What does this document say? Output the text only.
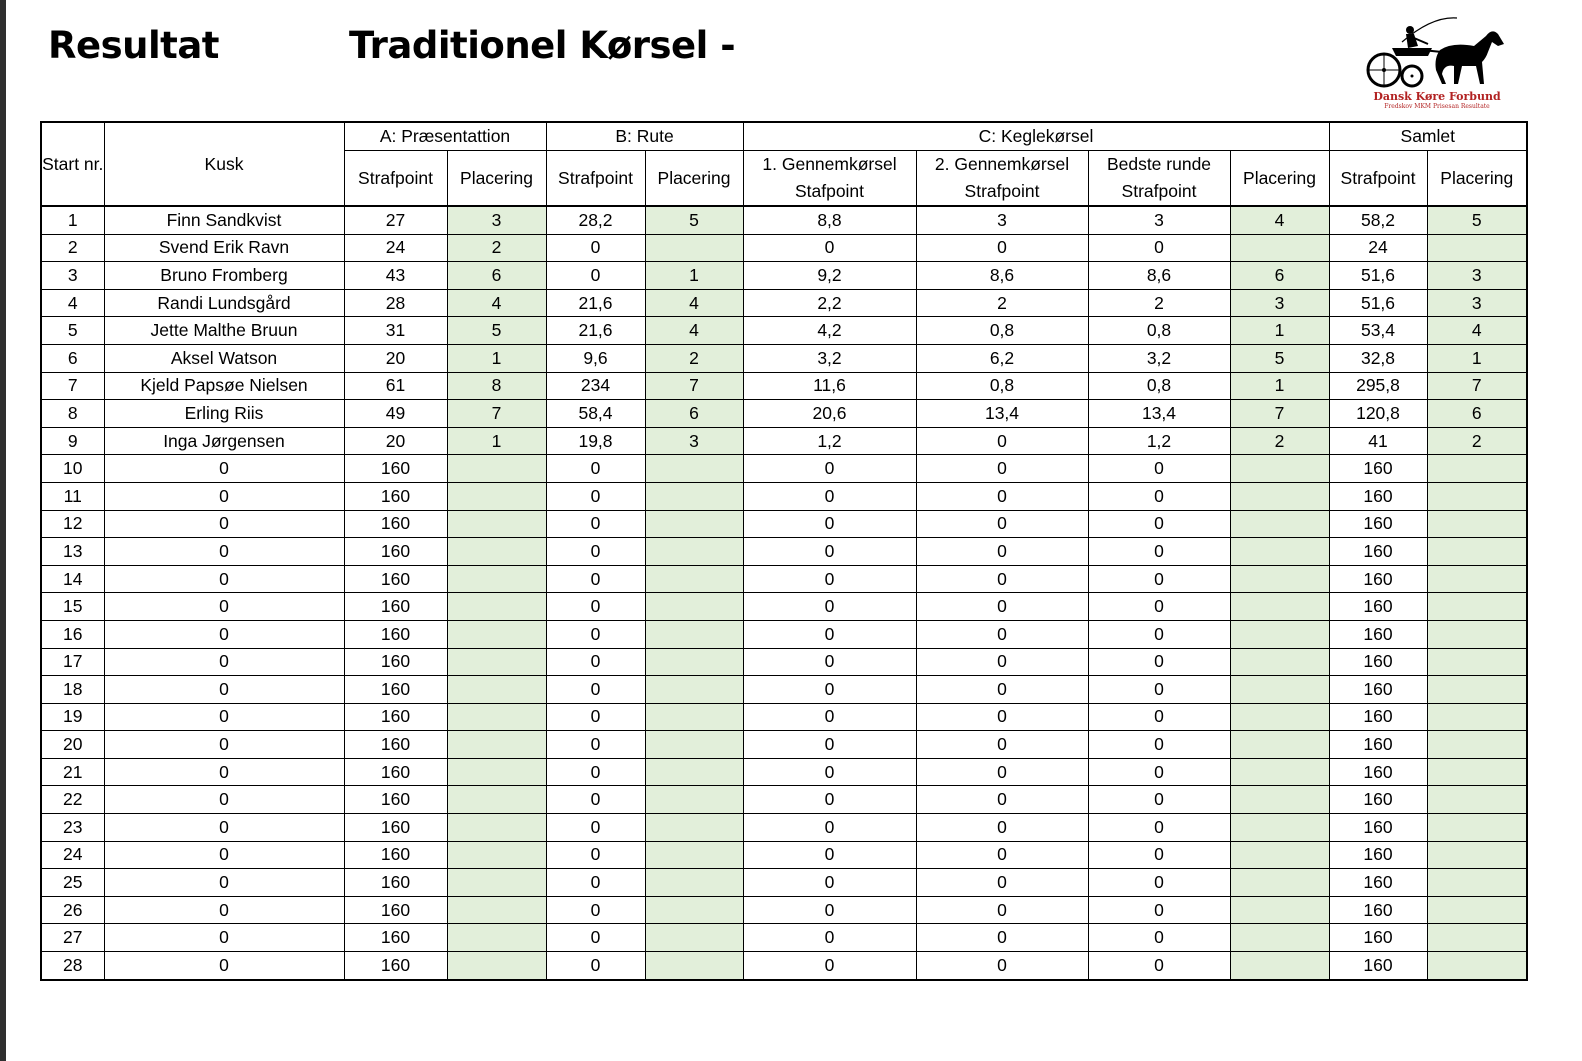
Resultat	Traditionel Kørsel -
Dansk Køre Forbund
Fredskov MKM Prisesan Resultate
Start nr.	Kusk	A: Præsentattion		B: Rute		C: Keglekørsel				Samlet	
		Strafpoint	Placering	Strafpoint	Placering	1. Gennemkørsel Stafpoint	2. Gennemkørsel Strafpoint	Bedste runde Strafpoint	Placering	Strafpoint	Placering
1	Finn Sandkvist	27	3	28,2	5	8,8	3	3	4	58,2	5
2	Svend Erik Ravn	24	2	0		0	0	0		24	
3	Bruno Fromberg	43	6	0	1	9,2	8,6	8,6	6	51,6	3
4	Randi Lundsgård	28	4	21,6	4	2,2	2	2	3	51,6	3
5	Jette Malthe Bruun	31	5	21,6	4	4,2	0,8	0,8	1	53,4	4
6	Aksel Watson	20	1	9,6	2	3,2	6,2	3,2	5	32,8	1
7	Kjeld Papsøe Nielsen	61	8	234	7	11,6	0,8	0,8	1	295,8	7
8	Erling Riis	49	7	58,4	6	20,6	13,4	13,4	7	120,8	6
9	Inga Jørgensen	20	1	19,8	3	1,2	0	1,2	2	41	2
10	0	160		0		0	0	0		160	
11	0	160		0		0	0	0		160	
12	0	160		0		0	0	0		160	
13	0	160		0		0	0	0		160	
14	0	160		0		0	0	0		160	
15	0	160		0		0	0	0		160	
16	0	160		0		0	0	0		160	
17	0	160		0		0	0	0		160	
18	0	160		0		0	0	0		160	
19	0	160		0		0	0	0		160	
20	0	160		0		0	0	0		160	
21	0	160		0		0	0	0		160	
22	0	160		0		0	0	0		160	
23	0	160		0		0	0	0		160	
24	0	160		0		0	0	0		160	
25	0	160		0		0	0	0		160	
26	0	160		0		0	0	0		160	
27	0	160		0		0	0	0		160	
28	0	160		0		0	0	0		160	
